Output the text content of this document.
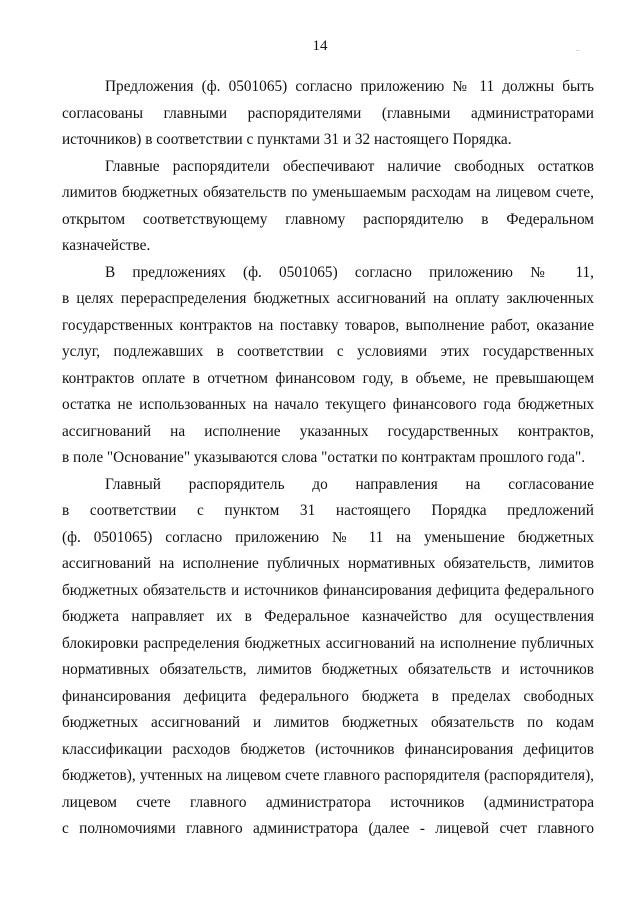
14	–

Предложения (ф. 0501065) согласно приложению № 11 должны быть
согласованы главными распорядителями (главными администраторами
источников) в соответствии с пунктами 31 и 32 настоящего Порядка.

Главные распорядители обеспечивают наличие свободных остатков
лимитов бюджетных обязательств по уменьшаемым расходам на лицевом счете,
открытом соответствующему главному распорядителю в Федеральном
казначействе.

В предложениях (ф. 0501065) согласно приложению № 11,
в целях перераспределения бюджетных ассигнований на оплату заключенных
государственных контрактов на поставку товаров, выполнение работ, оказание
услуг, подлежавших в соответствии с условиями этих государственных
контрактов оплате в отчетном финансовом году, в объеме, не превышающем
остатка не использованных на начало текущего финансового года бюджетных
ассигнований на исполнение указанных государственных контрактов,
в поле "Основание" указываются слова "остатки по контрактам прошлого года".

Главный распорядитель до направления на согласование
в соответствии с пунктом 31 настоящего Порядка предложений
(ф. 0501065) согласно приложению № 11 на уменьшение бюджетных
ассигнований на исполнение публичных нормативных обязательств, лимитов
бюджетных обязательств и источников финансирования дефицита федерального
бюджета направляет их в Федеральное казначейство для осуществления
блокировки распределения бюджетных ассигнований на исполнение публичных
нормативных обязательств, лимитов бюджетных обязательств и источников
финансирования дефицита федерального бюджета в пределах свободных
бюджетных ассигнований и лимитов бюджетных обязательств по кодам
классификации расходов бюджетов (источников финансирования дефицитов
бюджетов), учтенных на лицевом счете главного распорядителя (распорядителя),
лицевом счете главного администратора источников (администратора
с полномочиями главного администратора (далее - лицевой счет главного
